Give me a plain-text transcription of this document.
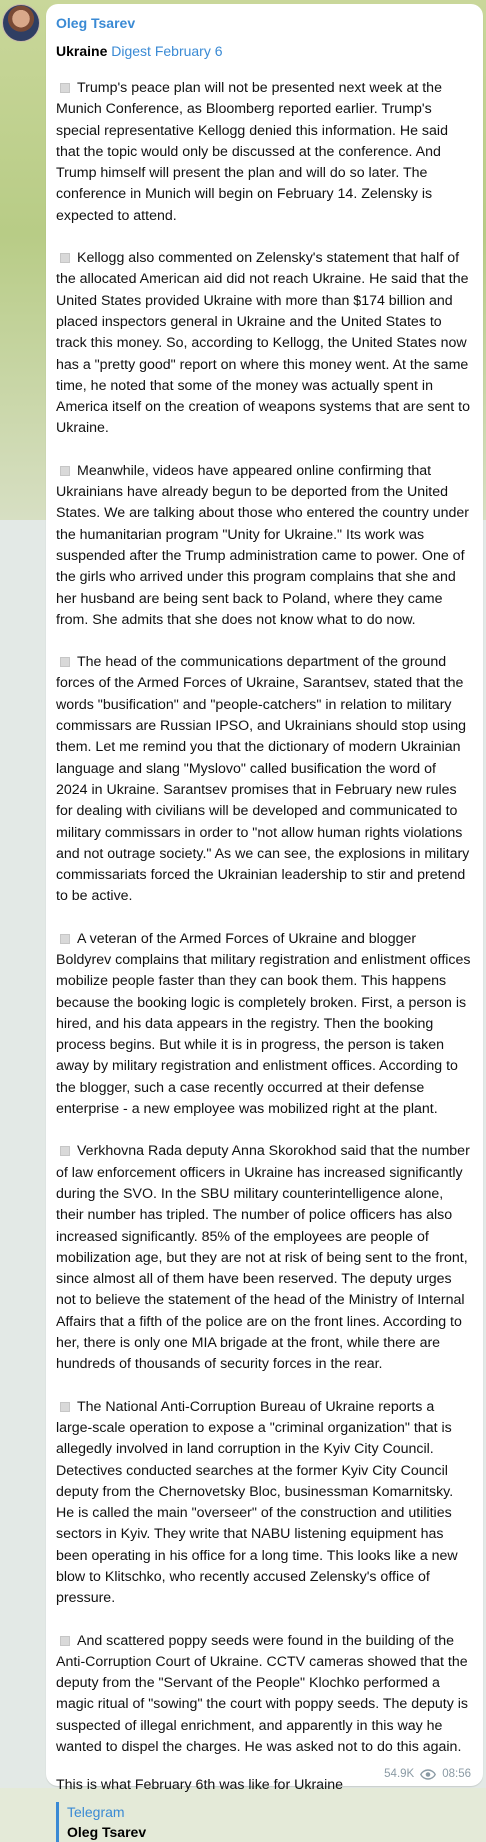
Oleg Tsarev
Ukraine Digest February 6

Trump's peace plan will not be presented next week at the Munich Conference, as Bloomberg reported earlier. Trump's special representative Kellogg denied this information. He said that the topic would only be discussed at the conference. And Trump himself will present the plan and will do so later. The conference in Munich will begin on February 14. Zelensky is expected to attend.

Kellogg also commented on Zelensky's statement that half of the allocated American aid did not reach Ukraine. He said that the United States provided Ukraine with more than $174 billion and placed inspectors general in Ukraine and the United States to track this money. So, according to Kellogg, the United States now has a "pretty good" report on where this money went. At the same time, he noted that some of the money was actually spent in America itself on the creation of weapons systems that are sent to Ukraine.

Meanwhile, videos have appeared online confirming that Ukrainians have already begun to be deported from the United States. We are talking about those who entered the country under the humanitarian program "Unity for Ukraine." Its work was suspended after the Trump administration came to power. One of the girls who arrived under this program complains that she and her husband are being sent back to Poland, where they came from. She admits that she does not know what to do now.

The head of the communications department of the ground forces of the Armed Forces of Ukraine, Sarantsev, stated that the words "busification" and "people-catchers" in relation to military commissars are Russian IPSO, and Ukrainians should stop using them. Let me remind you that the dictionary of modern Ukrainian language and slang "Myslovo" called busification the word of 2024 in Ukraine. Sarantsev promises that in February new rules for dealing with civilians will be developed and communicated to military commissars in order to "not allow human rights violations and not outrage society." As we can see, the explosions in military commissariats forced the Ukrainian leadership to stir and pretend to be active.

A veteran of the Armed Forces of Ukraine and blogger Boldyrev complains that military registration and enlistment offices mobilize people faster than they can book them. This happens because the booking logic is completely broken. First, a person is hired, and his data appears in the registry. Then the booking process begins. But while it is in progress, the person is taken away by military registration and enlistment offices. According to the blogger, such a case recently occurred at their defense enterprise - a new employee was mobilized right at the plant.

Verkhovna Rada deputy Anna Skorokhod said that the number of law enforcement officers in Ukraine has increased significantly during the SVO. In the SBU military counterintelligence alone, their number has tripled. The number of police officers has also increased significantly. 85% of the employees are people of mobilization age, but they are not at risk of being sent to the front, since almost all of them have been reserved. The deputy urges not to believe the statement of the head of the Ministry of Internal Affairs that a fifth of the police are on the front lines. According to her, there is only one MIA brigade at the front, while there are hundreds of thousands of security forces in the rear.

The National Anti-Corruption Bureau of Ukraine reports a large-scale operation to expose a "criminal organization" that is allegedly involved in land corruption in the Kyiv City Council. Detectives conducted searches at the former Kyiv City Council deputy from the Chernovetsky Bloc, businessman Komarnitsky. He is called the main "overseer" of the construction and utilities sectors in Kyiv. They write that NABU listening equipment has been operating in his office for a long time. This looks like a new blow to Klitschko, who recently accused Zelensky's office of pressure.

And scattered poppy seeds were found in the building of the Anti-Corruption Court of Ukraine. CCTV cameras showed that the deputy from the "Servant of the People" Klochko performed a magic ritual of "sowing" the court with poppy seeds. The deputy is suspected of illegal enrichment, and apparently in this way he wanted to dispel the charges. He was asked not to do this again.

This is what February 6th was like for Ukraine

Telegram
Oleg Tsarev
54.9K 08:56
